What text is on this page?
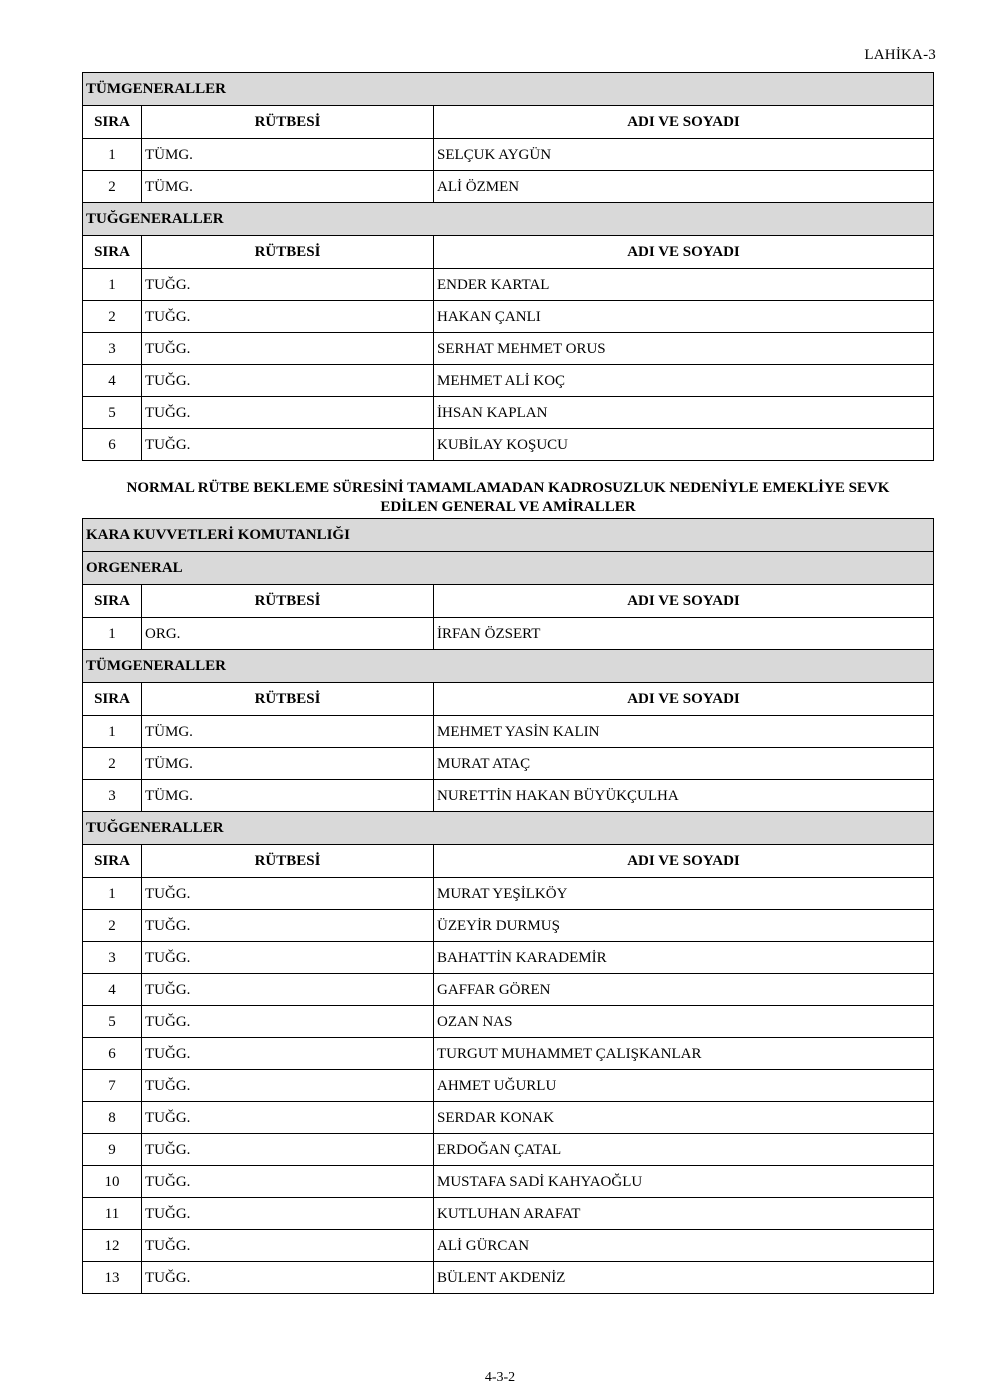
LAHİKA-3
TÜMGENERALLER		
SIRA	RÜTBESİ	ADI VE SOYADI
1	TÜMG.	SELÇUK AYGÜN
2	TÜMG.	ALİ ÖZMEN
TUĞGENERALLER		
SIRA	RÜTBESİ	ADI VE SOYADI
1	TUĞG.	ENDER KARTAL
2	TUĞG.	HAKAN ÇANLI
3	TUĞG.	SERHAT MEHMET ORUS
4	TUĞG.	MEHMET ALİ KOÇ
5	TUĞG.	İHSAN KAPLAN
6	TUĞG.	KUBİLAY KOŞUCU
NORMAL RÜTBE BEKLEME SÜRESİNİ TAMAMLAMADAN KADROSUZLUK NEDENİYLE EMEKLİYE SEVK
EDİLEN GENERAL VE AMİRALLER
KARA KUVVETLERİ KOMUTANLIĞI		
ORGENERAL		
SIRA	RÜTBESİ	ADI VE SOYADI
1	ORG.	İRFAN ÖZSERT
TÜMGENERALLER		
SIRA	RÜTBESİ	ADI VE SOYADI
1	TÜMG.	MEHMET YASİN KALIN
2	TÜMG.	MURAT ATAÇ
3	TÜMG.	NURETTİN HAKAN BÜYÜKÇULHA
TUĞGENERALLER		
SIRA	RÜTBESİ	ADI VE SOYADI
1	TUĞG.	MURAT YEŞİLKÖY
2	TUĞG.	ÜZEYİR DURMUŞ
3	TUĞG.	BAHATTİN KARADEMİR
4	TUĞG.	GAFFAR GÖREN
5	TUĞG.	OZAN NAS
6	TUĞG.	TURGUT MUHAMMET ÇALIŞKANLAR
7	TUĞG.	AHMET UĞURLU
8	TUĞG.	SERDAR KONAK
9	TUĞG.	ERDOĞAN ÇATAL
10	TUĞG.	MUSTAFA SADİ KAHYAOĞLU
11	TUĞG.	KUTLUHAN ARAFAT
12	TUĞG.	ALİ GÜRCAN
13	TUĞG.	BÜLENT AKDENİZ
4-3-2
